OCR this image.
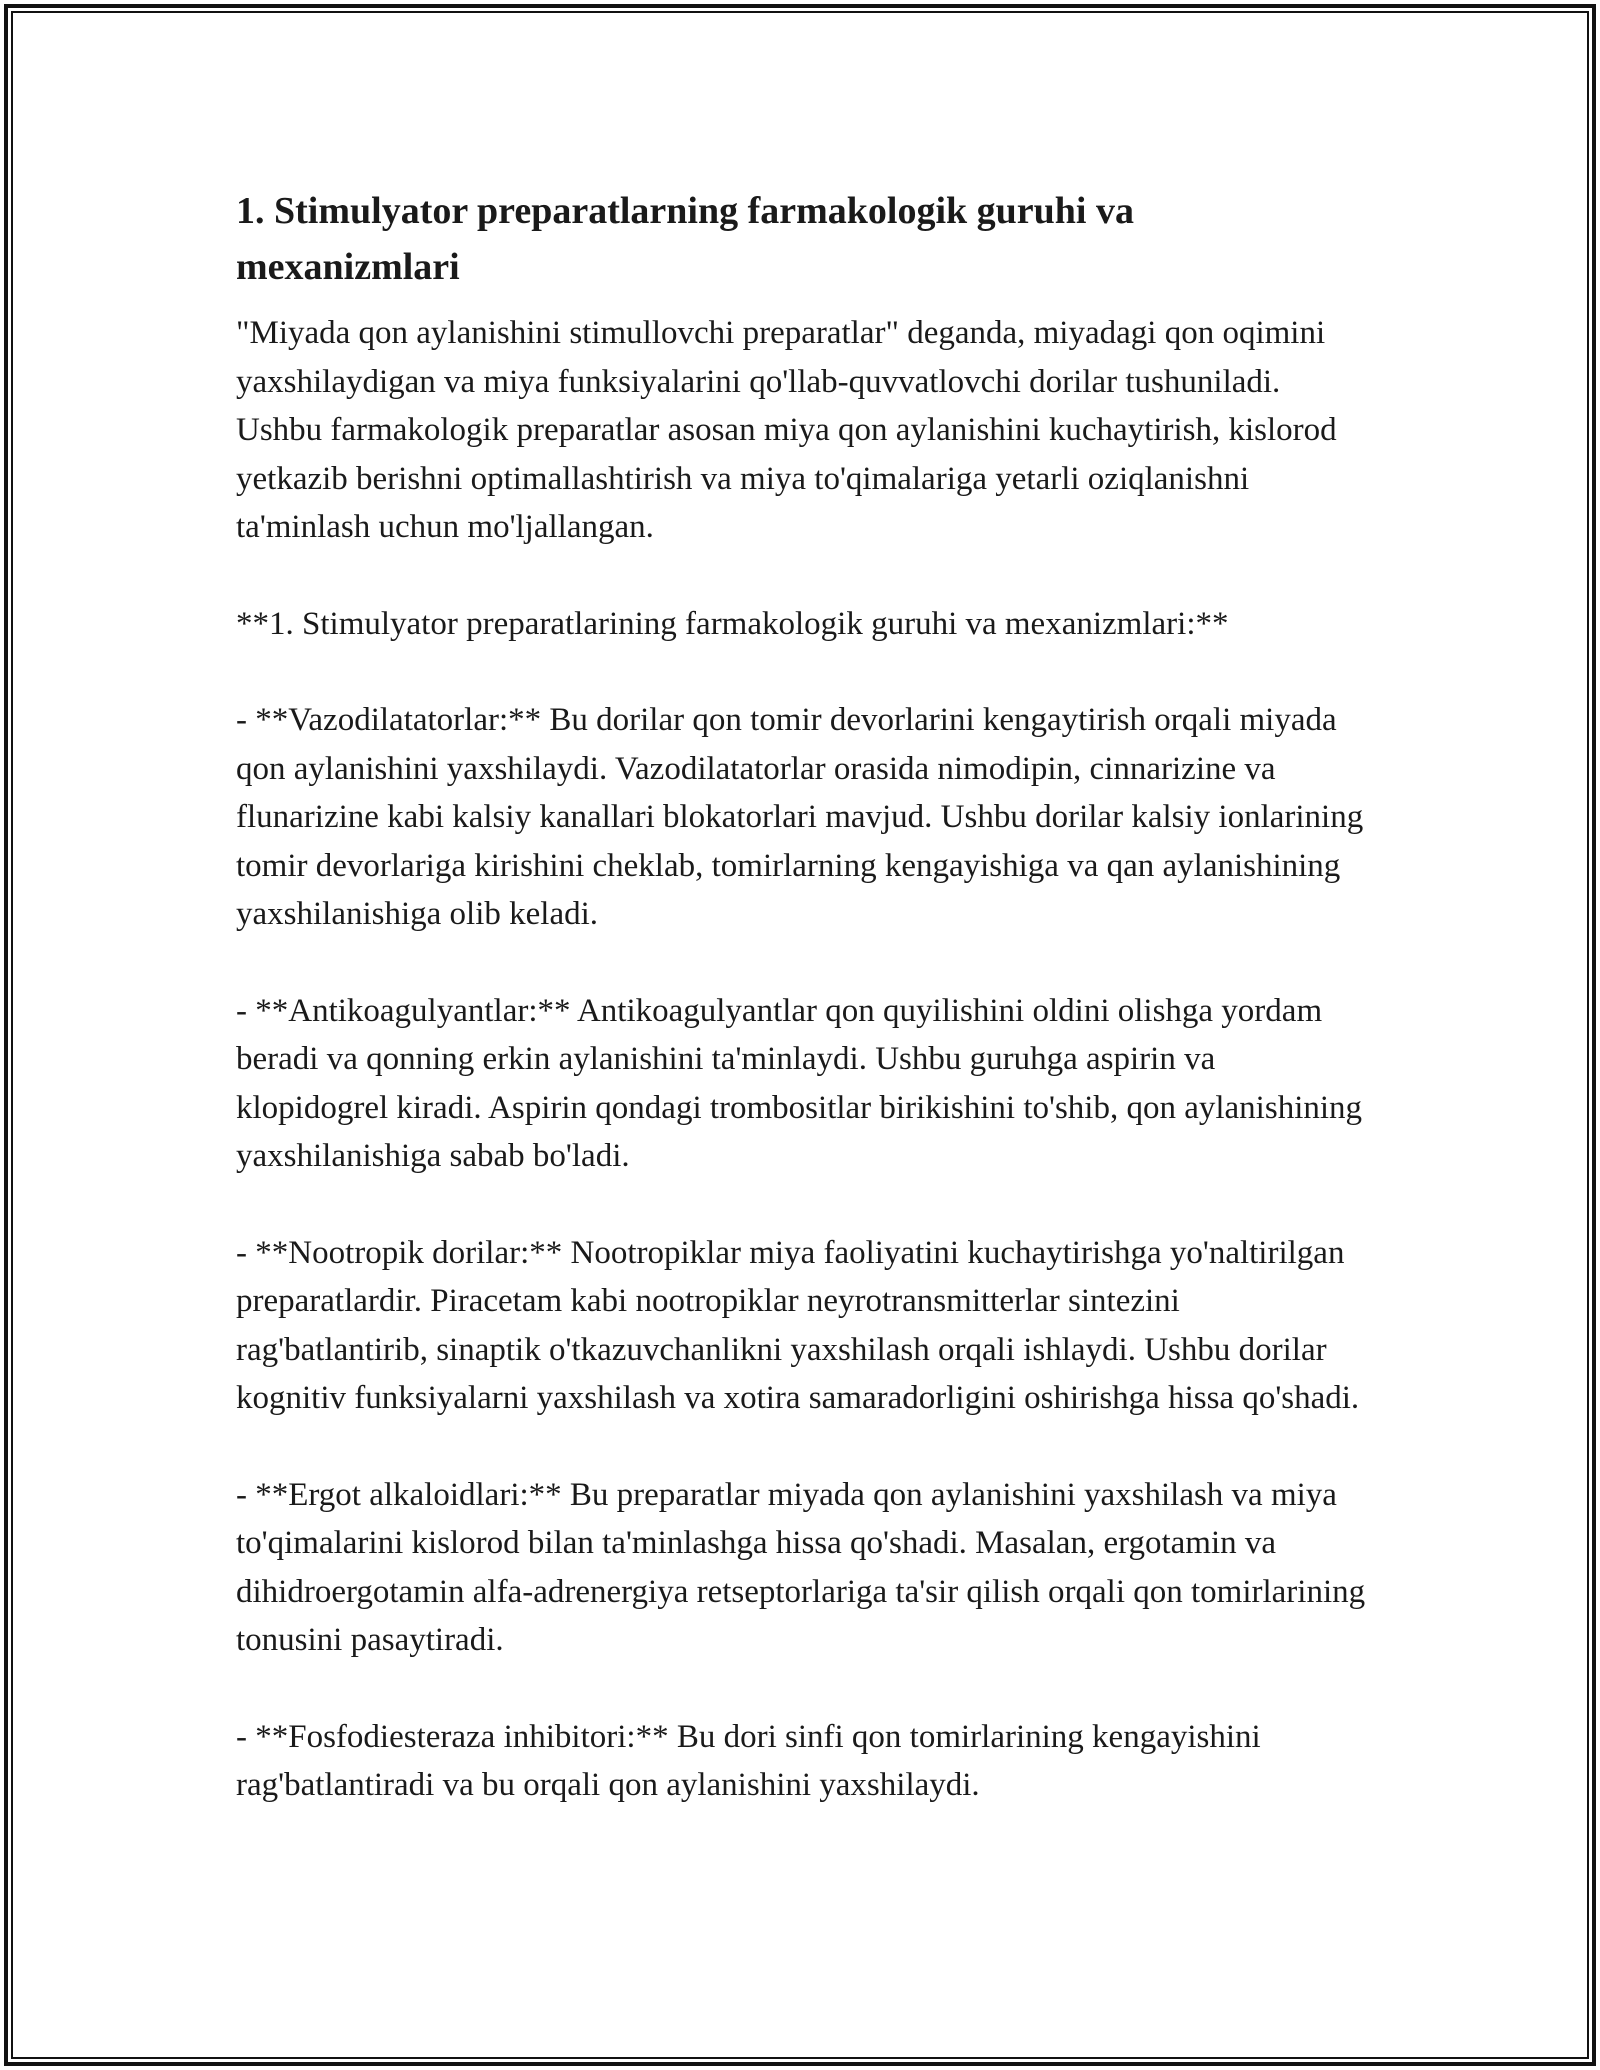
1. Stimulyator preparatlarning farmakologik guruhi va mexanizmlari

"Miyada qon aylanishini stimullovchi preparatlar" deganda, miyadagi qon oqimini yaxshilaydigan va miya funksiyalarini qo'llab-quvvatlovchi dorilar tushuniladi. Ushbu farmakologik preparatlar asosan miya qon aylanishini kuchaytirish, kislorod yetkazib berishni optimallashtirish va miya to'qimalariga yetarli oziqlanishni ta'minlash uchun mo'ljallangan.

**1. Stimulyator preparatlarining farmakologik guruhi va mexanizmlari:**

- **Vazodilatatorlar:** Bu dorilar qon tomir devorlarini kengaytirish orqali miyada qon aylanishini yaxshilaydi. Vazodilatatorlar orasida nimodipin, cinnarizine va flunarizine kabi kalsiy kanallari blokatorlari mavjud. Ushbu dorilar kalsiy ionlarining tomir devorlariga kirishini cheklab, tomirlarning kengayishiga va qan aylanishining yaxshilanishiga olib keladi.

- **Antikoagulyantlar:** Antikoagulyantlar qon quyilishini oldini olishga yordam beradi va qonning erkin aylanishini ta'minlaydi. Ushbu guruhga aspirin va klopidogrel kiradi. Aspirin qondagi trombositlar birikishini to'shib, qon aylanishining yaxshilanishiga sabab bo'ladi.

- **Nootropik dorilar:** Nootropiklar miya faoliyatini kuchaytirishga yo'naltirilgan preparatlardir. Piracetam kabi nootropiklar neyrotransmitterlar sintezini rag'batlantirib, sinaptik o'tkazuvchanlikni yaxshilash orqali ishlaydi. Ushbu dorilar kognitiv funksiyalarni yaxshilash va xotira samaradorligini oshirishga hissa qo'shadi.

- **Ergot alkaloidlari:** Bu preparatlar miyada qon aylanishini yaxshilash va miya to'qimalarini kislorod bilan ta'minlashga hissa qo'shadi. Masalan, ergotamin va dihidroergotamin alfa-adrenergiya retseptorlariga ta'sir qilish orqali qon tomirlarining tonusini pasaytiradi.

- **Fosfodiesteraza inhibitori:** Bu dori sinfi qon tomirlarining kengayishini rag'batlantiradi va bu orqali qon aylanishini yaxshilaydi.
